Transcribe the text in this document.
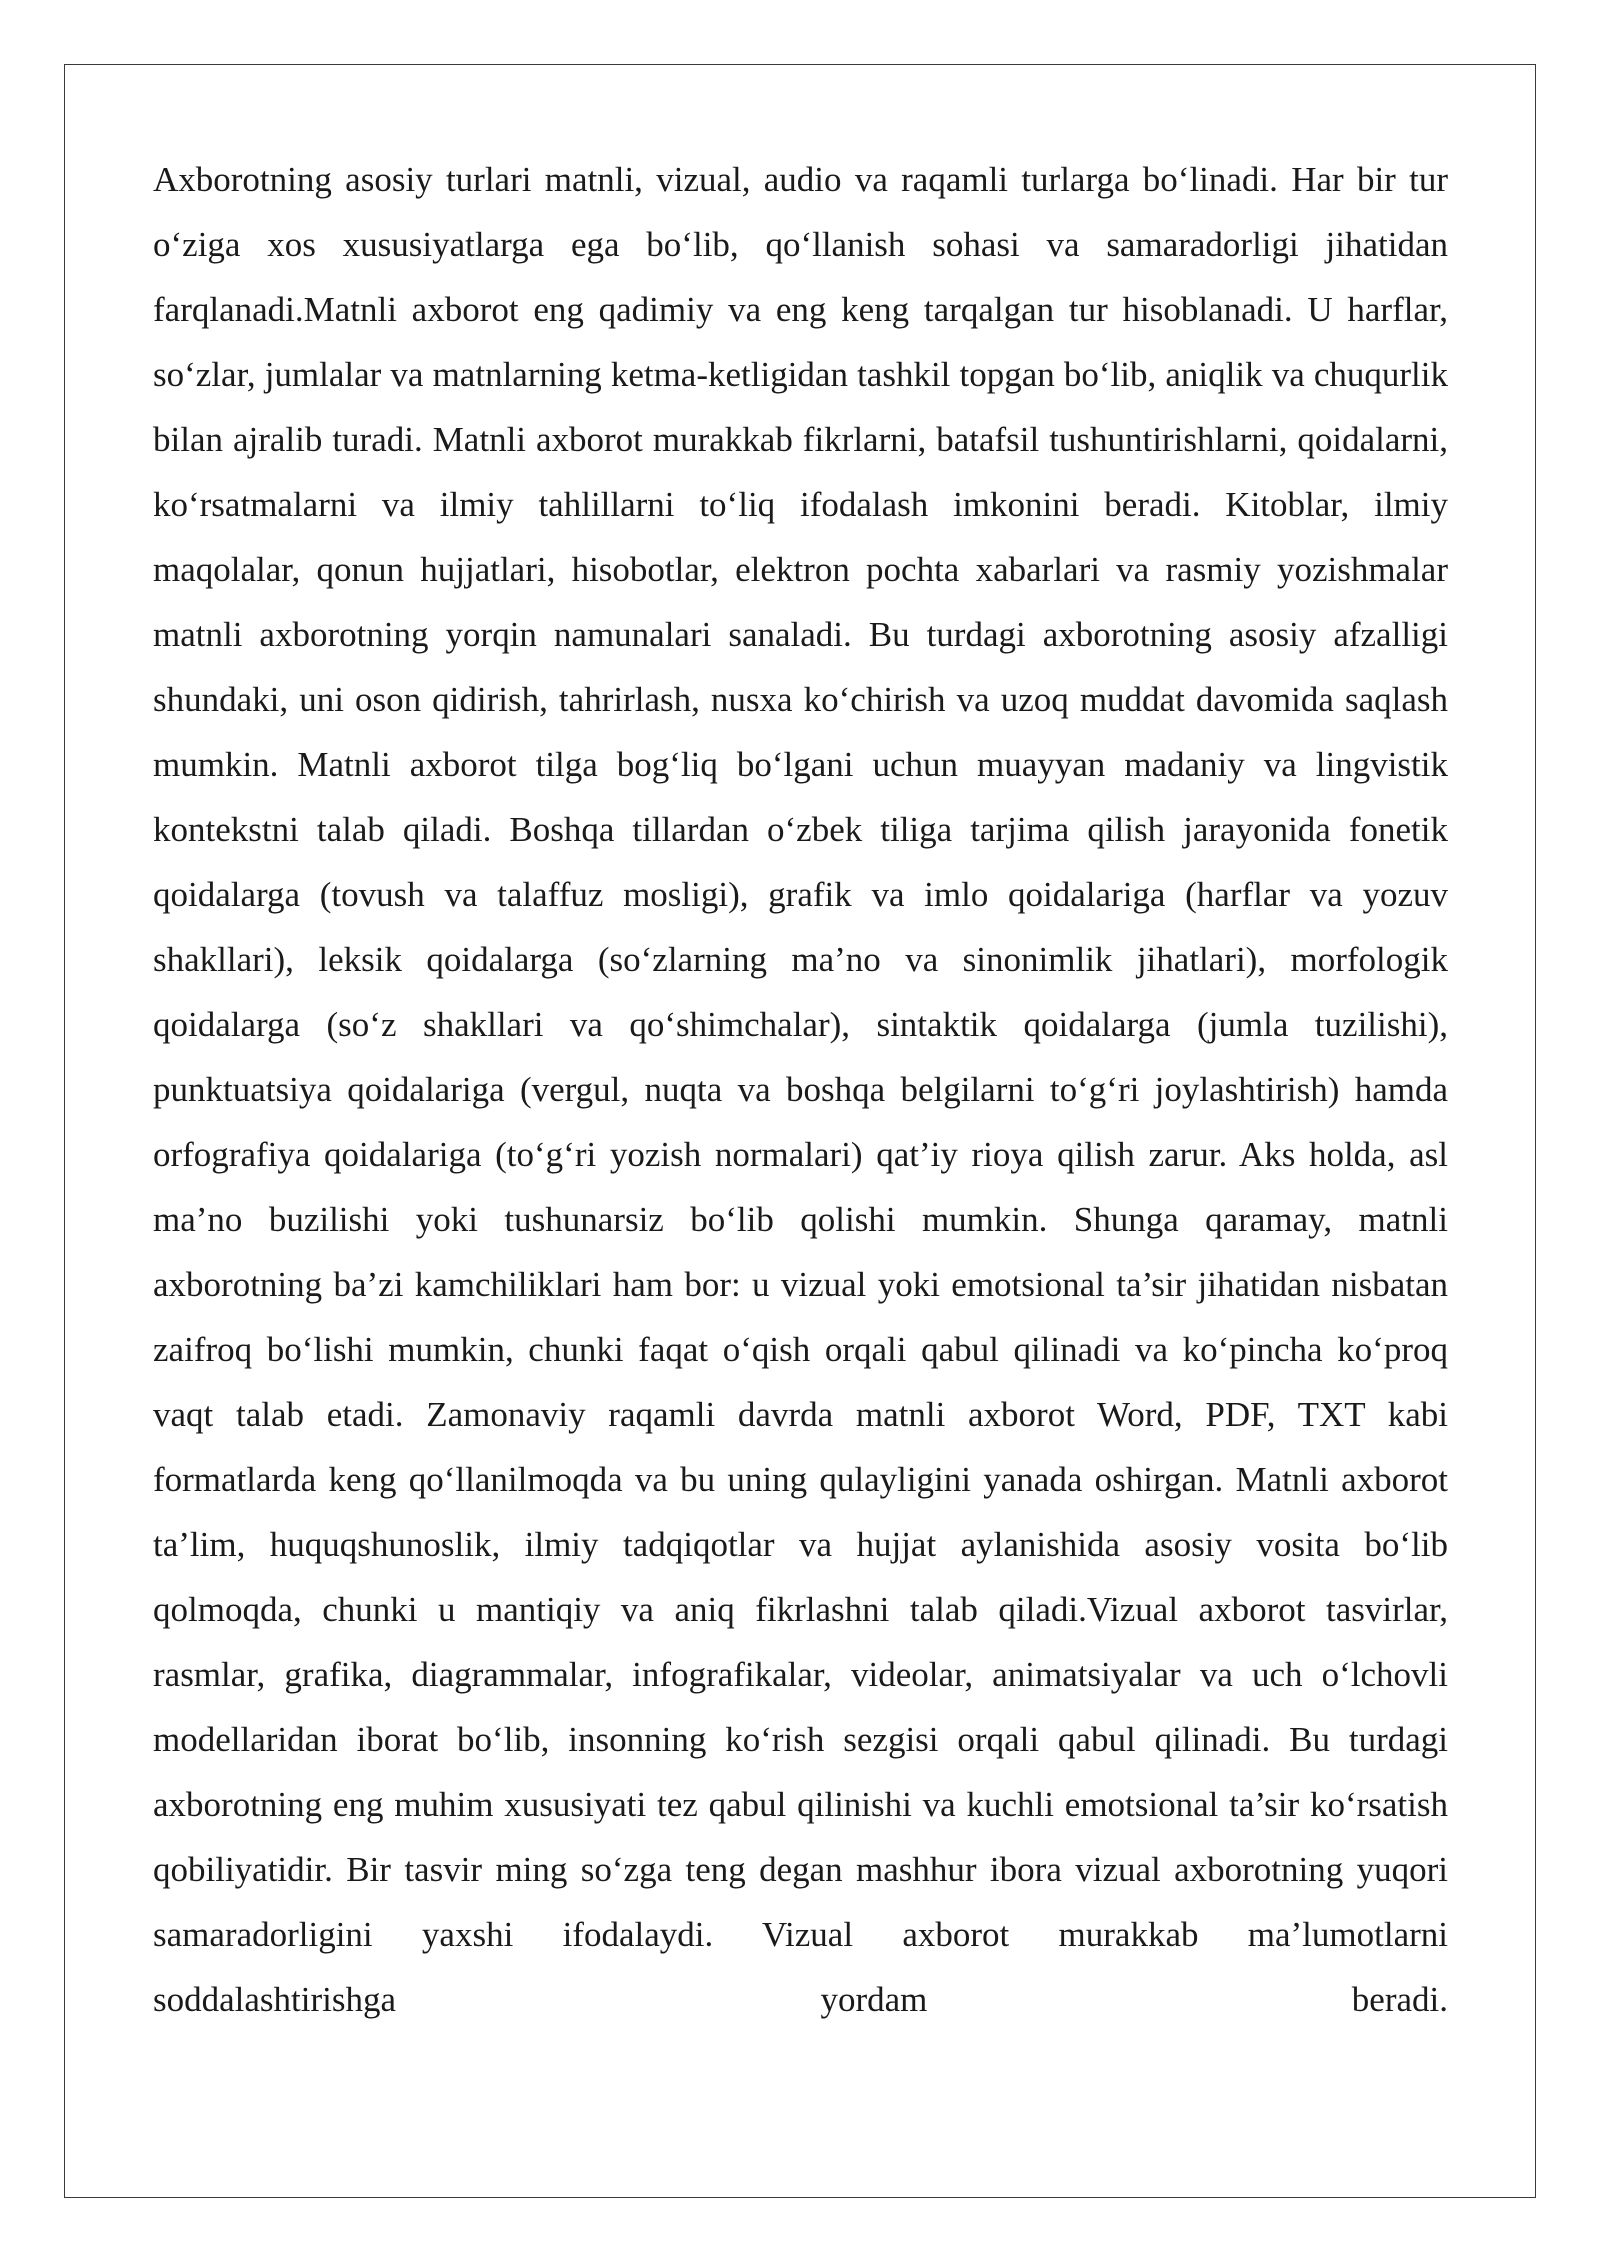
Axborotning asosiy turlari matnli, vizual, audio va raqamli turlarga bo‘linadi. Har bir tur o‘ziga xos xususiyatlarga ega bo‘lib, qo‘llanish sohasi va samaradorligi jihatidan farqlanadi.Matnli axborot eng qadimiy va eng keng tarqalgan tur hisoblanadi. U harflar, so‘zlar, jumlalar va matnlarning ketma-ketligidan tashkil topgan bo‘lib, aniqlik va chuqurlik bilan ajralib turadi. Matnli axborot murakkab fikrlarni, batafsil tushuntirishlarni, qoidalarni, ko‘rsatmalarni va ilmiy tahlillarni to‘liq ifodalash imkonini beradi. Kitoblar, ilmiy maqolalar, qonun hujjatlari, hisobotlar, elektron pochta xabarlari va rasmiy yozishmalar matnli axborotning yorqin namunalari sanaladi. Bu turdagi axborotning asosiy afzalligi shundaki, uni oson qidirish, tahrirlash, nusxa ko‘chirish va uzoq muddat davomida saqlash mumkin. Matnli axborot tilga bog‘liq bo‘lgani uchun muayyan madaniy va lingvistik kontekstni talab qiladi. Boshqa tillardan o‘zbek tiliga tarjima qilish jarayonida fonetik qoidalarga (tovush va talaffuz mosligi), grafik va imlo qoidalariga (harflar va yozuv shakllari), leksik qoidalarga (so‘zlarning ma’no va sinonimlik jihatlari), morfologik qoidalarga (so‘z shakllari va qo‘shimchalar), sintaktik qoidalarga (jumla tuzilishi), punktuatsiya qoidalariga (vergul, nuqta va boshqa belgilarni to‘g‘ri joylashtirish) hamda orfografiya qoidalariga (to‘g‘ri yozish normalari) qat’iy rioya qilish zarur. Aks holda, asl ma’no buzilishi yoki tushunarsiz bo‘lib qolishi mumkin. Shunga qaramay, matnli axborotning ba’zi kamchiliklari ham bor: u vizual yoki emotsional ta’sir jihatidan nisbatan zaifroq bo‘lishi mumkin, chunki faqat o‘qish orqali qabul qilinadi va ko‘pincha ko‘proq vaqt talab etadi. Zamonaviy raqamli davrda matnli axborot Word, PDF, TXT kabi formatlarda keng qo‘llanilmoqda va bu uning qulayligini yanada oshirgan. Matnli axborot ta’lim, huquqshunoslik, ilmiy tadqiqotlar va hujjat aylanishida asosiy vosita bo‘lib qolmoqda, chunki u mantiqiy va aniq fikrlashni talab qiladi.Vizual axborot tasvirlar, rasmlar, grafika, diagrammalar, infografikalar, videolar, animatsiyalar va uch o‘lchovli modellaridan iborat bo‘lib, insonning ko‘rish sezgisi orqali qabul qilinadi. Bu turdagi axborotning eng muhim xususiyati tez qabul qilinishi va kuchli emotsional ta’sir ko‘rsatish qobiliyatidir. Bir tasvir ming so‘zga teng degan mashhur ibora vizual axborotning yuqori samaradorligini yaxshi ifodalaydi. Vizual axborot murakkab ma’lumotlarni soddalashtirishga yordam beradi.
